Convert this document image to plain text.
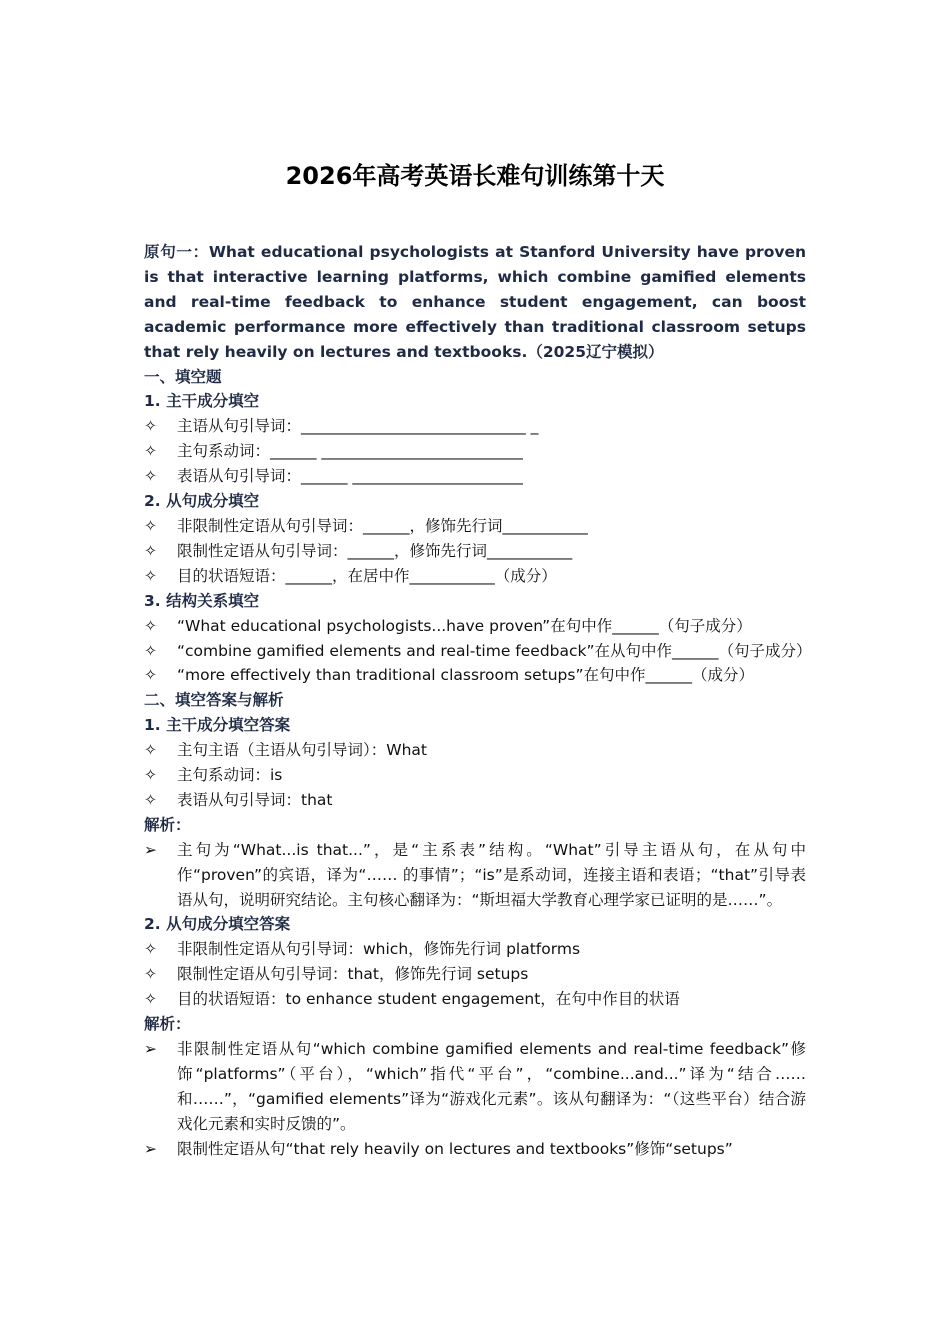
2026年高考英语长难句训练第十天
原句一：What educational psychologists at Stanford University have proven is that interactive learning platforms, which combine gamified elements and real-time feedback to enhance student engagement, can boost academic performance more effectively than traditional classroom setups that rely heavily on lectures and textbooks.（2025辽宁模拟）
一、填空题
1. 主干成分填空
✧ 主语从句引导词：_____________________________ _
✧ 主句系动词：______ __________________________
✧ 表语从句引导词：______ ______________________
2. 从句成分填空
✧ 非限制性定语从句引导词：______，修饰先行词___________
✧ 限制性定语从句引导词：______，修饰先行词___________
✧ 目的状语短语：______，在居中作___________（成分）
3. 结构关系填空
✧ “What educational psychologists...have proven”在句中作______（句子成分）
✧ “combine gamified elements and real-time feedback”在从句中作______（句子成分）
✧ “more effectively than traditional classroom setups”在句中作______（成分）
二、填空答案与解析
1. 主干成分填空答案
✧ 主句主语（主语从句引导词）：What
✧ 主句系动词：is
✧ 表语从句引导词：that
解析：
➢ 主句为“What...is that...”，是“主系表”结构。“What”引导主语从句，在从句中作“proven”的宾语，译为“…… 的事情”；“is”是系动词，连接主语和表语；“that”引导表语从句，说明研究结论。主句核心翻译为：“斯坦福大学教育心理学家已证明的是……”。
2. 从句成分填空答案
✧ 非限制性定语从句引导词：which，修饰先行词 platforms
✧ 限制性定语从句引导词：that，修饰先行词 setups
✧ 目的状语短语：to enhance student engagement，在句中作目的状语
解析：
➢ 非限制性定语从句“which combine gamified elements and real-time feedback”修饰“platforms”（平台），“which”指代“平台”，“combine...and...”译为“结合…… 和……”，“gamified elements”译为“游戏化元素”。该从句翻译为：“（这些平台）结合游戏化元素和实时反馈的”。
➢ 限制性定语从句“that rely heavily on lectures and textbooks”修饰“setups”
